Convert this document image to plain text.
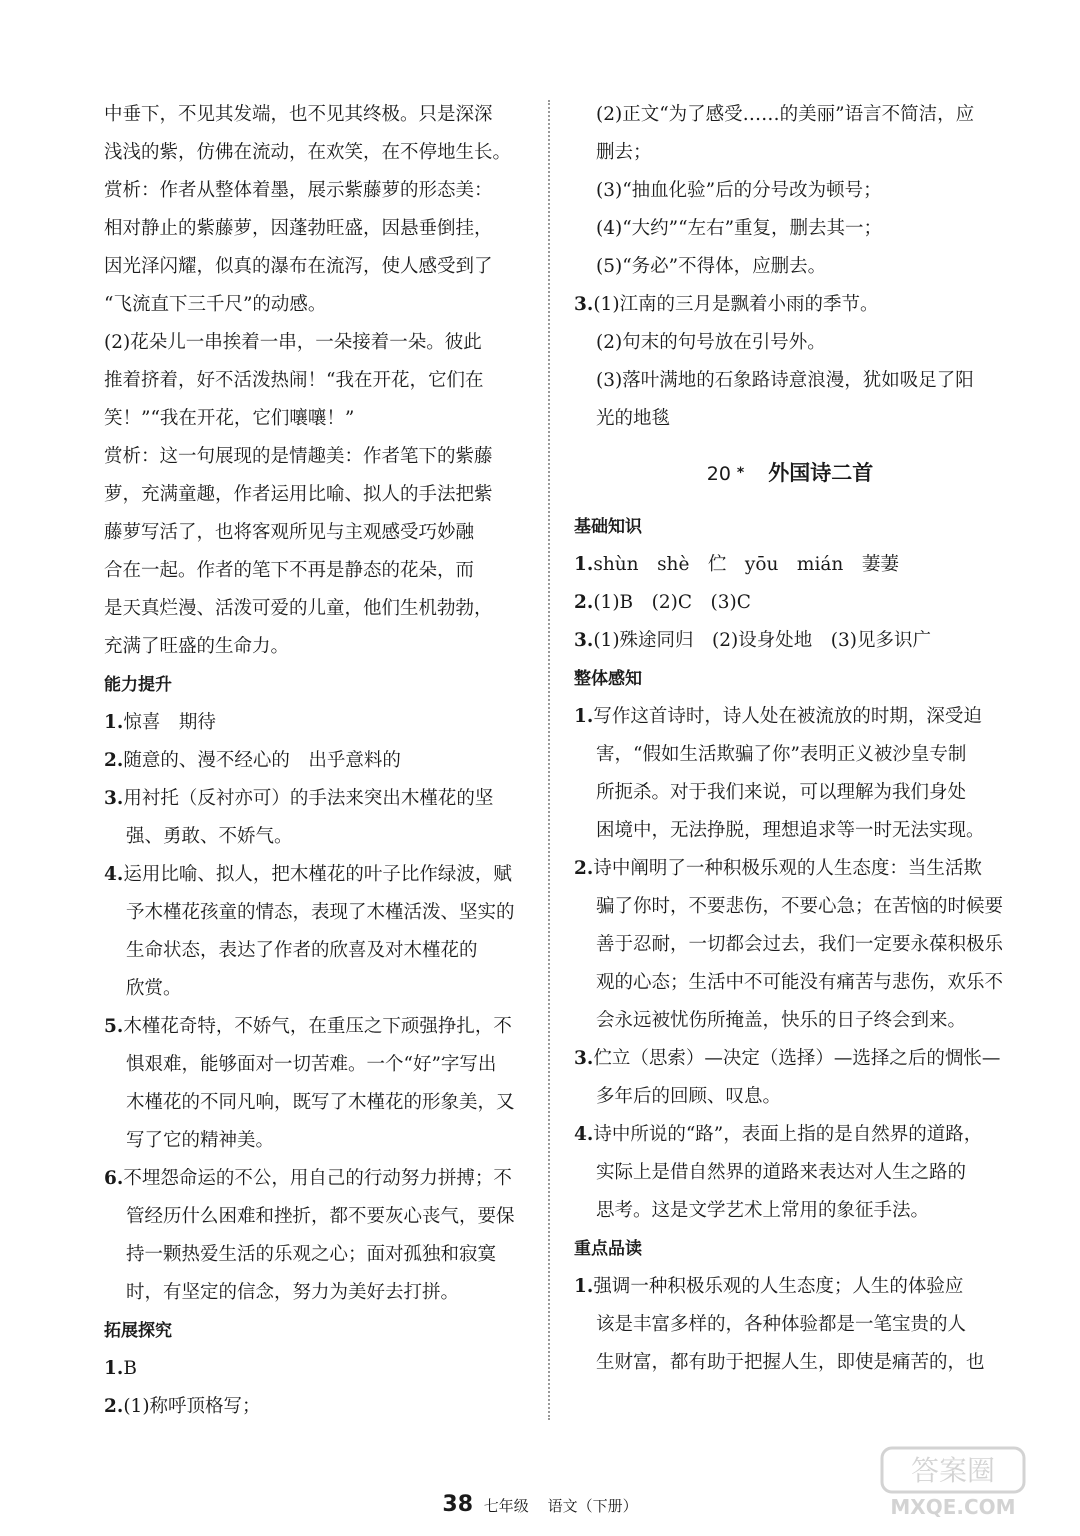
中垂下，不见其发端，也不见其终极。只是深深
浅浅的紫，仿佛在流动，在欢笑，在不停地生长。
赏析：作者从整体着墨，展示紫藤萝的形态美：
相对静止的紫藤萝，因蓬勃旺盛，因悬垂倒挂，
因光泽闪耀，似真的瀑布在流泻，使人感受到了
“飞流直下三千尺”的动感。
(2)花朵儿一串挨着一串，一朵接着一朵。彼此
推着挤着，好不活泼热闹！“我在开花，它们在
笑！”“我在开花，它们嚷嚷！”
赏析：这一句展现的是情趣美：作者笔下的紫藤
萝，充满童趣，作者运用比喻、拟人的手法把紫
藤萝写活了，也将客观所见与主观感受巧妙融
合在一起。作者的笔下不再是静态的花朵，而
是天真烂漫、活泼可爱的儿童，他们生机勃勃，
充满了旺盛的生命力。
能力提升
1.惊喜　期待
2.随意的、漫不经心的　出乎意料的
3.用衬托（反衬亦可）的手法来突出木槿花的坚
强、勇敢、不娇气。
4.运用比喻、拟人，把木槿花的叶子比作绿波，赋
予木槿花孩童的情态，表现了木槿活泼、坚实的
生命状态，表达了作者的欣喜及对木槿花的
欣赏。
5.木槿花奇特，不娇气，在重压之下顽强挣扎，不
惧艰难，能够面对一切苦难。一个“好”字写出
木槿花的不同凡响，既写了木槿花的形象美，又
写了它的精神美。
6.不埋怨命运的不公，用自己的行动努力拼搏；不
管经历什么困难和挫折，都不要灰心丧气，要保
持一颗热爱生活的乐观之心；面对孤独和寂寞
时，有坚定的信念，努力为美好去打拼。
拓展探究
1.B
2.(1)称呼顶格写；
(2)正文“为了感受……的美丽”语言不简洁，应
删去；
(3)“抽血化验”后的分号改为顿号；
(4)“大约”“左右”重复，删去其一；
(5)“务必”不得体，应删去。
3.(1)江南的三月是飘着小雨的季节。
(2)句末的句号放在引号外。
(3)落叶满地的石象路诗意浪漫，犹如吸足了阳
光的地毯
20 * 外国诗二首
基础知识
1.shùn　shè　伫　yōu　mián　萋萋
2.(1)B　(2)C　(3)C
3.(1)殊途同归　(2)设身处地　(3)见多识广
整体感知
1.写作这首诗时，诗人处在被流放的时期，深受迫
害，“假如生活欺骗了你”表明正义被沙皇专制
所扼杀。对于我们来说，可以理解为我们身处
困境中，无法挣脱，理想追求等一时无法实现。
2.诗中阐明了一种积极乐观的人生态度：当生活欺
骗了你时，不要悲伤，不要心急；在苦恼的时候要
善于忍耐，一切都会过去，我们一定要永葆积极乐
观的心态；生活中不可能没有痛苦与悲伤，欢乐不
会永远被忧伤所掩盖，快乐的日子终会到来。
3.伫立（思索）—决定（选择）—选择之后的惆怅—
多年后的回顾、叹息。
4.诗中所说的“路”，表面上指的是自然界的道路，
实际上是借自然界的道路来表达对人生之路的
思考。这是文学艺术上常用的象征手法。
重点品读
1.强调一种积极乐观的人生态度；人生的体验应
该是丰富多样的，各种体验都是一笔宝贵的人
生财富，都有助于把握人生，即使是痛苦的，也
38 七年级 语文（下册）
答案圈
MXQE.COM
